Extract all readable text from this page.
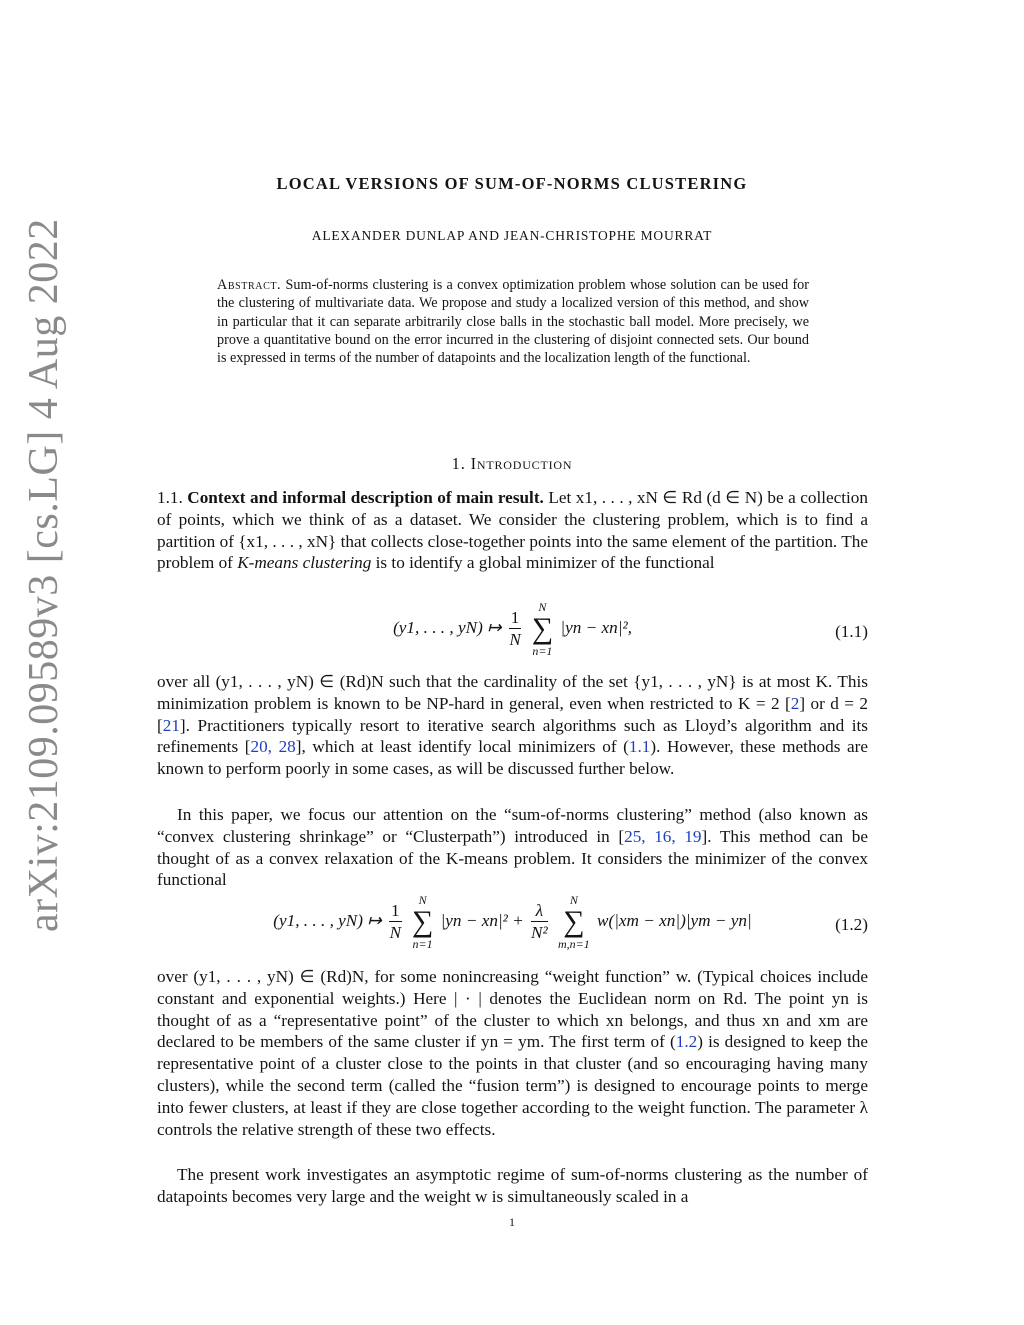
arXiv:2109.09589v3 [cs.LG] 4 Aug 2022
LOCAL VERSIONS OF SUM-OF-NORMS CLUSTERING
ALEXANDER DUNLAP AND JEAN-CHRISTOPHE MOURRAT
Abstract. Sum-of-norms clustering is a convex optimization problem whose solution can be used for the clustering of multivariate data. We propose and study a localized version of this method, and show in particular that it can separate arbitrarily close balls in the stochastic ball model. More precisely, we prove a quantitative bound on the error incurred in the clustering of disjoint connected sets. Our bound is expressed in terms of the number of datapoints and the localization length of the functional.
1. Introduction

1.1. Context and informal description of main result. Let x1, . . . , xN ∈ Rd (d ∈ N) be a collection of points, which we think of as a dataset. We consider the clustering problem, which is to find a partition of {x1, . . . , xN} that collects close-together points into the same element of the partition. The problem of K-means clustering is to identify a global minimizer of the functional

(y1, . . . , yN) ↦ $\frac{1}{N}$

N
∑
n=1
|yn − xn|²,	(1.1)

over all (y1, . . . , yN) ∈ (Rd)N such that the cardinality of the set {y1, . . . , yN} is at most K. This minimization problem is known to be NP-hard in general, even when restricted to K = 2 [2] or d = 2 [21]. Practitioners typically resort to iterative search algorithms such as Lloyd’s algorithm and its refinements [20, 28], which at least identify local minimizers of (1.1). However, these methods are known to perform poorly in some cases, as will be discussed further below.

In this paper, we focus our attention on the “sum-of-norms clustering” method (also known as “convex clustering shrinkage” or “Clusterpath”) introduced in [25, 16, 19]. This method can be thought of as a convex relaxation of the K-means problem. It considers the minimizer of the convex functional

(y1, . . . , yN) ↦ $\frac{1}{N}$

N
∑
n=1
$|yn - xn|^2 + \frac{\lambda}{\text{N²}}$

N
∑
m,n=1
w(|xm − xn|)|ym − yn|	(1.2)

over (y1, . . . , yN) ∈ (Rd)N, for some nonincreasing “weight function” w. (Typical choices include constant and exponential weights.) Here | · | denotes the Euclidean norm on Rd. The point yn is thought of as a “representative point” of the cluster to which xn belongs, and thus xn and xm are declared to be members of the same cluster if yn = ym. The first term of (1.2) is designed to keep the representative point of a cluster close to the points in that cluster (and so encouraging having many clusters), while the second term (called the “fusion term”) is designed to encourage points to merge into fewer clusters, at least if they are close together according to the weight function. The parameter λ controls the relative strength of these two effects.

The present work investigates an asymptotic regime of sum-of-norms clustering as the number of datapoints becomes very large and the weight w is simultaneously scaled in a

1
